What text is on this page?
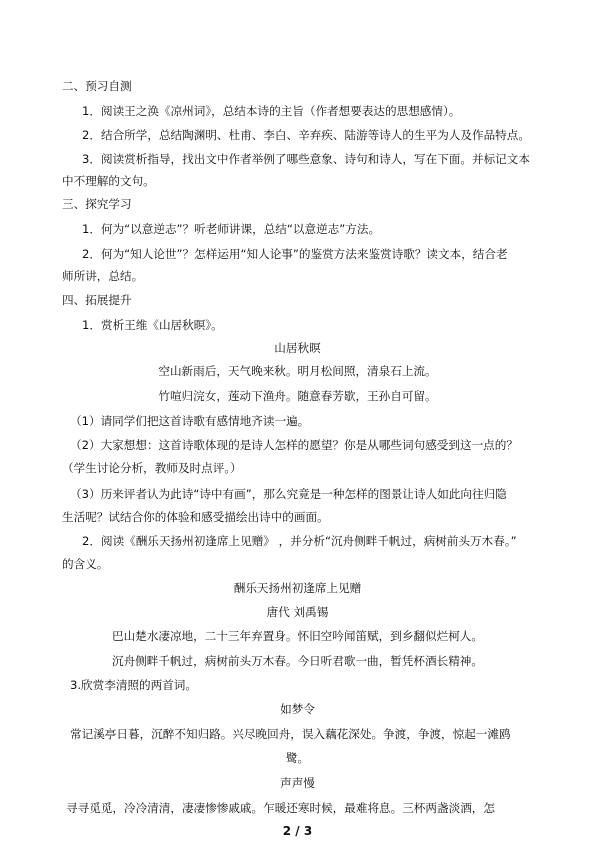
二、预习自测

1．阅读王之涣《凉州词》，总结本诗的主旨（作者想要表达的思想感情）。

2．结合所学，总结陶渊明、杜甫、李白、辛弃疾、陆游等诗人的生平为人及作品特点。

3．阅读赏析指导，找出文中作者举例了哪些意象、诗句和诗人，写在下面。并标记文本

中不理解的文句。

三、探究学习

1．何为“以意逆志”？听老师讲课，总结“以意逆志”方法。

2．何为“知人论世”？怎样运用“知人论事”的鉴赏方法来鉴赏诗歌？读文本，结合老

师所讲，总结。

四、拓展提升

1．赏析王维《山居秋暝》。

山居秋暝

空山新雨后，天气晚来秋。明月松间照，清泉石上流。

竹喧归浣女，莲动下渔舟。随意春芳歇，王孙自可留。

（1）请同学们把这首诗歌有感情地齐读一遍。

（2）大家想想：这首诗歌体现的是诗人怎样的愿望？你是从哪些词句感受到这一点的？

（学生讨论分析，教师及时点评。）

（3）历来评者认为此诗“诗中有画”，那么究竟是一种怎样的图景让诗人如此向往归隐

生活呢？试结合你的体验和感受描绘出诗中的画面。

2．阅读《酬乐天扬州初逢席上见赠》 ，并分析“沉舟侧畔千帆过，病树前头万木春。”

的含义。

酬乐天扬州初逢席上见赠

唐代 刘禹锡

巴山楚水凄凉地，二十三年弃置身。怀旧空吟闻笛赋，到乡翻似烂柯人。

沉舟侧畔千帆过，病树前头万木春。今日听君歌一曲，暂凭杯酒长精神。

3.欣赏李清照的两首词。

如梦令

常记溪亭日暮，沉醉不知归路。兴尽晚回舟，误入藕花深处。争渡，争渡，惊起一滩鸥

鹭。

声声慢

寻寻觅觅，冷冷清清，凄凄惨惨戚戚。乍暖还寒时候，最难将息。三杯两盏淡酒，怎

2 / 3
